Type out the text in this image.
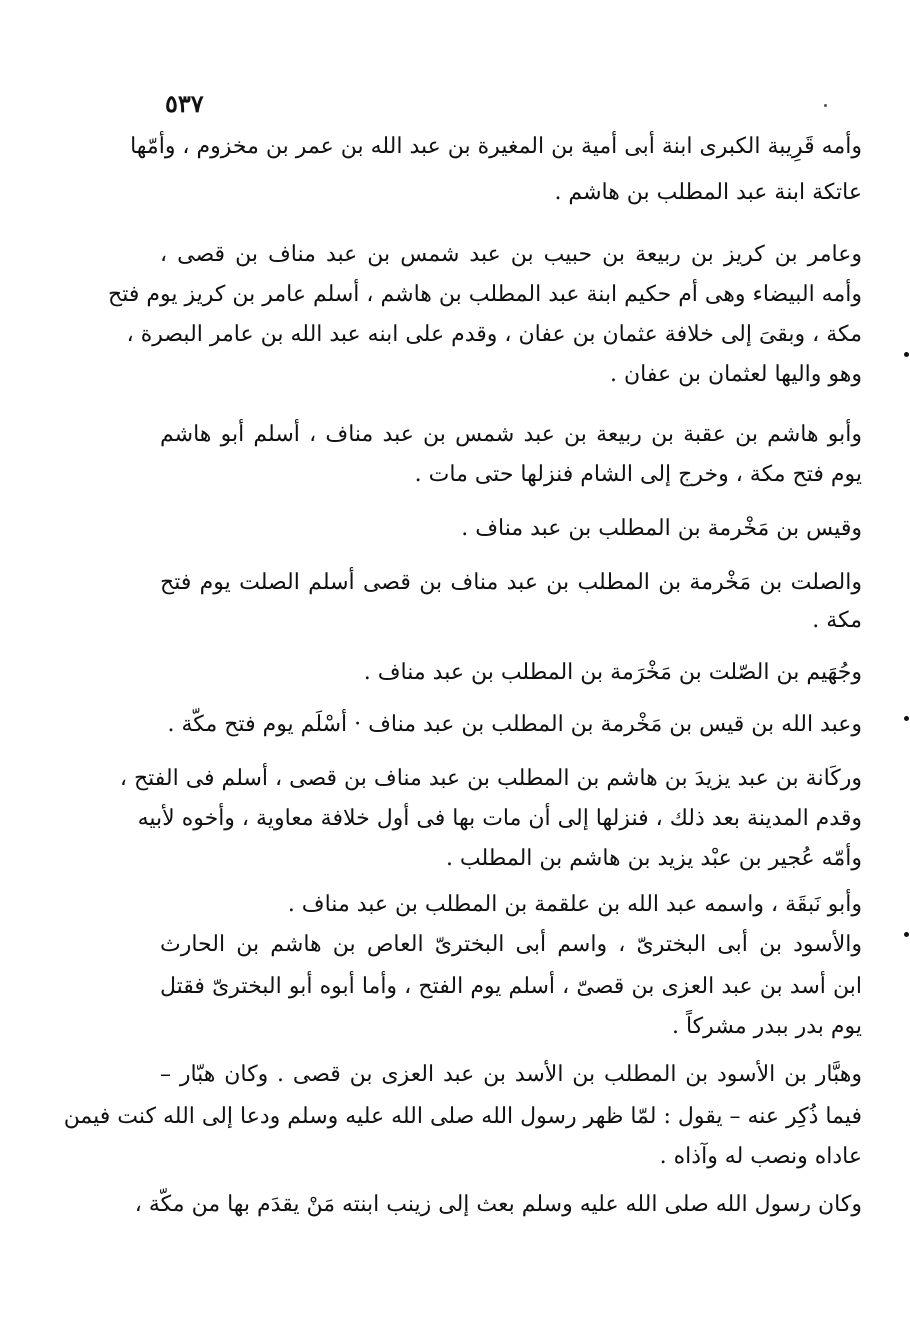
٥٣٧
وأمه قَرِيبة الكبرى ابنة أبى أمية بن المغيرة بن عبد الله بن عمر بن مخزوم ، وأمّها
عاتكة ابنة عبد المطلب بن هاشم .
وعامر بن كريز بن ربيعة بن حبيب بن عبد شمس بن عبد مناف بن قصى ،
وأمه البيضاء وهى أم حكيم ابنة عبد المطلب بن هاشم ، أسلم عامر بن كريز يوم فتح
مكة ، وبقىَ إلى خلافة عثمان بن عفان ، وقدم على ابنه عبد الله بن عامر البصرة ،
وهو واليها لعثمان بن عفان .
وأبو هاشم بن عقبة بن ربيعة بن عبد شمس بن عبد مناف ، أسلم أبو هاشم
يوم فتح مكة ، وخرج إلى الشام فنزلها حتى مات .
وقيس بن مَخْرمة بن المطلب بن عبد مناف .
والصلت بن مَخْرمة بن المطلب بن عبد مناف بن قصى أسلم الصلت يوم فتح
مكة .
وجُهَيم بن الصّلت بن مَخْرَمة بن المطلب بن عبد مناف .
وعبد الله بن قيس بن مَخْرمة بن المطلب بن عبد مناف · أسْلَم يوم فتح مكّة .
وركَانة بن عبد يزيدَ بن هاشم بن المطلب بن عبد مناف بن قصى ، أسلم فى الفتح ،
وقدم المدينة بعد ذلك ، فنزلها إلى أن مات بها فى أول خلافة معاوية ، وأخوه لأبيه
وأمّه عُجير بن عبْد يزيد بن هاشم بن المطلب .
وأبو نَبقَة ، واسمه عبد الله بن علقمة بن المطلب بن عبد مناف .
والأسود بن أبى البخترىّ ، واسم أبى البخترىّ العاص بن هاشم بن الحارث
ابن أسد بن عبد العزى بن قصىّ ، أسلم يوم الفتح ، وأما أبوه أبو البخترىّ فقتل
يوم بدر ببدر مشركاً .
وهبَّار بن الأسود بن المطلب بن الأسد بن عبد العزى بن قصى . وكان هبّار –
فيما ذُكِر عنه – يقول : لمّا ظهر رسول الله صلى الله عليه وسلم ودعا إلى الله كنت فيمن
عاداه ونصب له وآذاه .
وكان رسول الله صلى الله عليه وسلم بعث إلى زينب ابنته مَنْ يقدَم بها من مكّة ،
